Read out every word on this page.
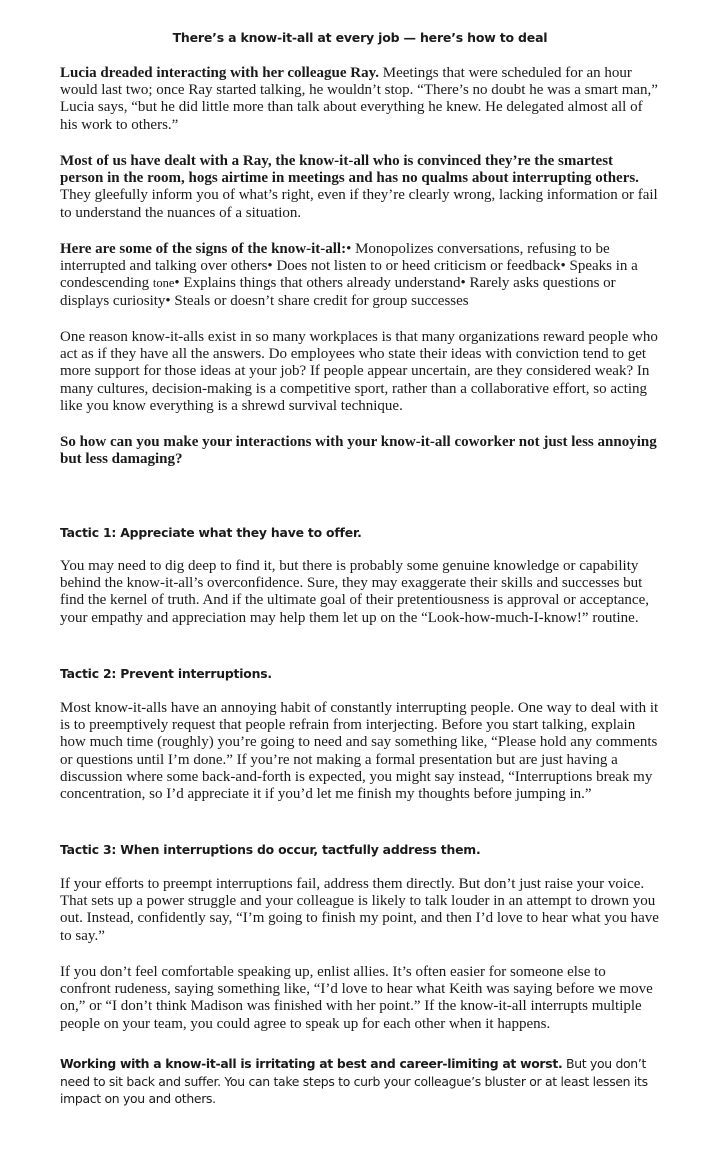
There’s a know-it-all at every job — here’s how to deal

Lucia dreaded interacting with her colleague Ray. Meetings that were scheduled for an hour would last two; once Ray started talking, he wouldn’t stop. “There’s no doubt he was a smart man,” Lucia says, “but he did little more than talk about everything he knew. He delegated almost all of his work to others.”

Most of us have dealt with a Ray, the know-it-all who is convinced they’re the smartest person in the room, hogs airtime in meetings and has no qualms about interrupting others. They gleefully inform you of what’s right, even if they’re clearly wrong, lacking information or fail to understand the nuances of a situation.

Here are some of the signs of the know-it-all:• Monopolizes conversations, refusing to be interrupted and talking over others• Does not listen to or heed criticism or feedback• Speaks in a condescending tone• Explains things that others already understand• Rarely asks questions or displays curiosity• Steals or doesn’t share credit for group successes

One reason know-it-alls exist in so many workplaces is that many organizations reward people who act as if they have all the answers. Do employees who state their ideas with conviction tend to get more support for those ideas at your job? If people appear uncertain, are they considered weak? In many cultures, decision-making is a competitive sport, rather than a collaborative effort, so acting like you know everything is a shrewd survival technique.

So how can you make your interactions with your know-it-all coworker not just less annoying but less damaging?

Tactic 1: Appreciate what they have to offer.

You may need to dig deep to find it, but there is probably some genuine knowledge or capability behind the know-it-all’s overconfidence. Sure, they may exaggerate their skills and successes but find the kernel of truth. And if the ultimate goal of their pretentiousness is approval or acceptance, your empathy and appreciation may help them let up on the “Look-how-much-I-know!” routine.

Tactic 2: Prevent interruptions.

Most know-it-alls have an annoying habit of constantly interrupting people. One way to deal with it is to preemptively request that people refrain from interjecting. Before you start talking, explain how much time (roughly) you’re going to need and say something like, “Please hold any comments or questions until I’m done.” If you’re not making a formal presentation but are just having a discussion where some back-and-forth is expected, you might say instead, “Interruptions break my concentration, so I’d appreciate it if you’d let me finish my thoughts before jumping in.”

Tactic 3: When interruptions do occur, tactfully address them.

If your efforts to preempt interruptions fail, address them directly. But don’t just raise your voice. That sets up a power struggle and your colleague is likely to talk louder in an attempt to drown you out. Instead, confidently say, “I’m going to finish my point, and then I’d love to hear what you have to say.”

If you don’t feel comfortable speaking up, enlist allies. It’s often easier for someone else to confront rudeness, saying something like, “I’d love to hear what Keith was saying before we move on,” or “I don’t think Madison was finished with her point.” If the know-it-all interrupts multiple people on your team, you could agree to speak up for each other when it happens.

Working with a know-it-all is irritating at best and career-limiting at worst. But you don’t need to sit back and suffer. You can take steps to curb your colleague’s bluster or at least lessen its impact on you and others.
